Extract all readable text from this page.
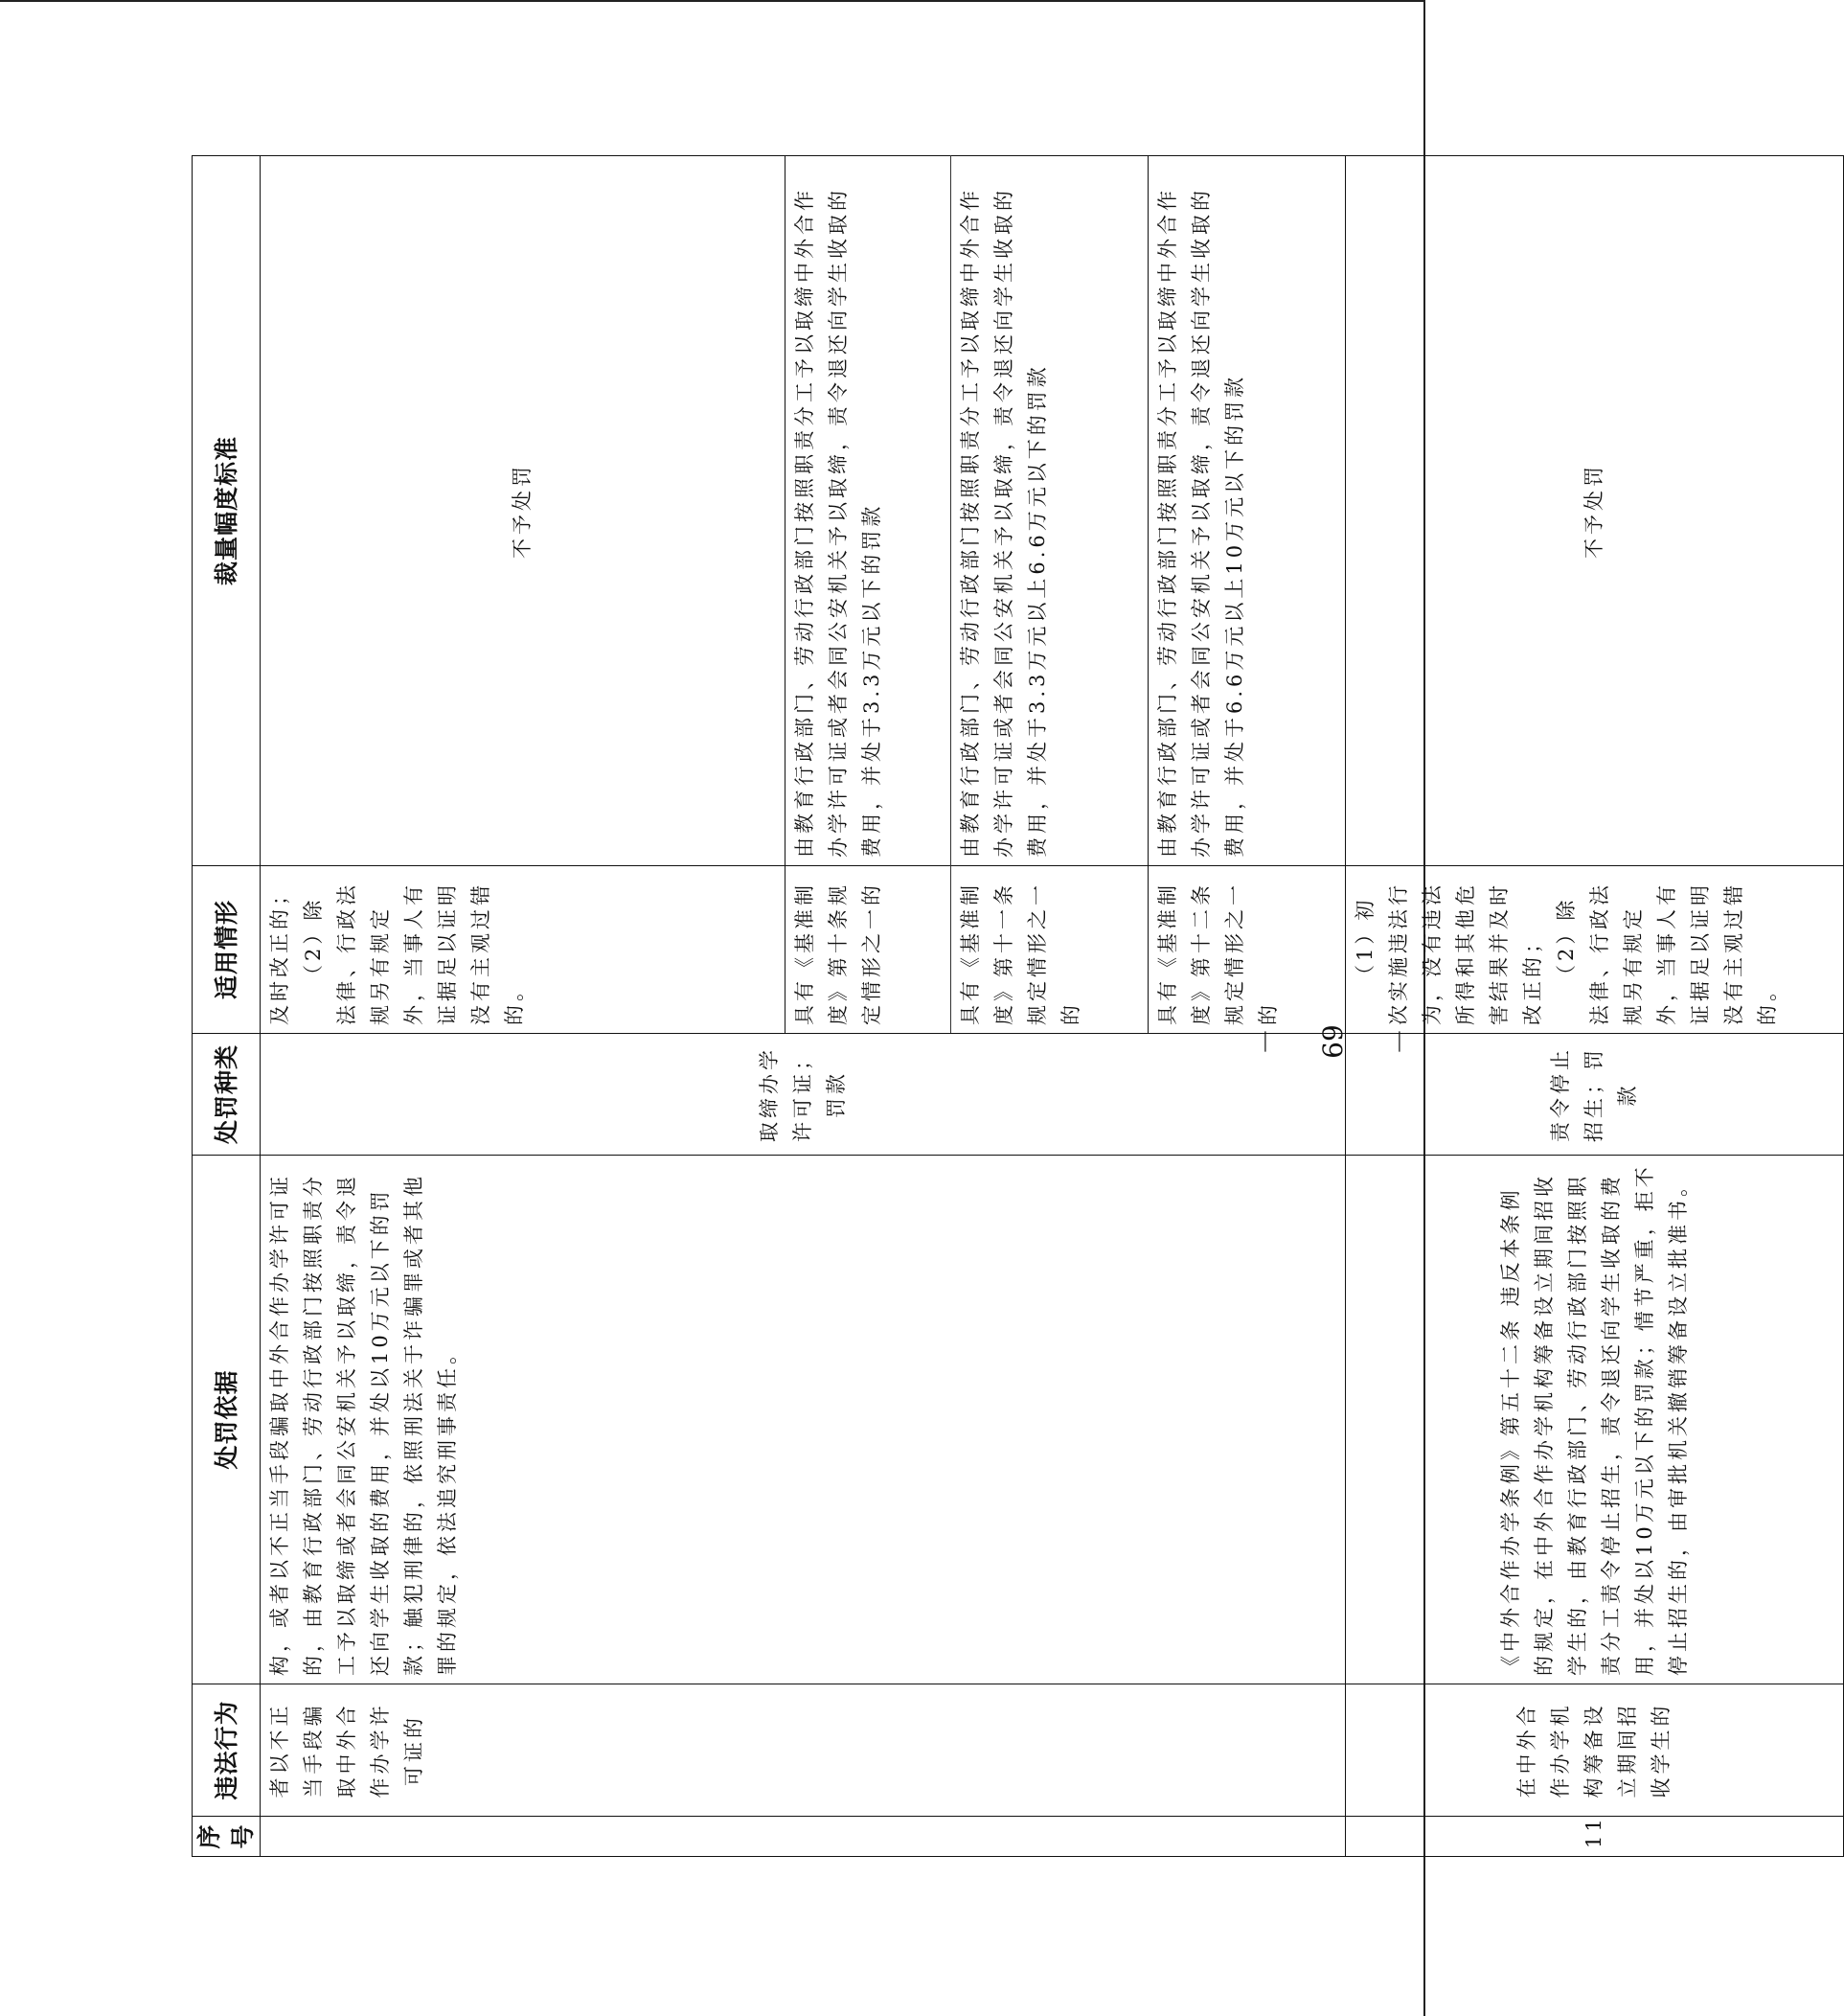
序号	违法行为	处罚依据	处罚种类	适用情形	裁量幅度标准
	者以不正当手段骗取中外合作办学许可证的	构，或者以不正当手段骗取中外合作办学许可证的，由教育行政部门、劳动行政部门按照职责分工予以取缔或者会同公安机关予以取缔，责令退还向学生收取的费用，并处以10万元以下的罚款；触犯刑律的，依照刑法关于诈骗罪或者其他罪的规定，依法追究刑事责任。	取缔办学许可证；罚款	及时改正的； （2）除法律、行政法规另有规定外，当事人有证据足以证明没有主观过错的。	不予处罚
				具有《基准制度》第十条规定情形之一的	由教育行政部门、劳动行政部门按照职责分工予以取缔中外合作办学许可证或者会同公安机关予以取缔，责令退还向学生收取的费用，并处于3.3万元以下的罚款
				具有《基准制度》第十一条规定情形之一的	由教育行政部门、劳动行政部门按照职责分工予以取缔中外合作办学许可证或者会同公安机关予以取缔，责令退还向学生收取的费用，并处于3.3万元以上6.6万元以下的罚款
				具有《基准制度》第十二条规定情形之一的	由教育行政部门、劳动行政部门按照职责分工予以取缔中外合作办学许可证或者会同公安机关予以取缔，责令退还向学生收取的费用，并处于6.6万元以上10万元以下的罚款
11	在中外合作办学机构筹备设立期间招收学生的	《中外合作办学条例》第五十二条 违反本条例的规定，在中外合作办学机构筹备设立期间招收学生的，由教育行政部门、劳动行政部门按照职责分工责令停止招生，责令退还向学生收取的费用，并处以10万元以下的罚款；情节严重，拒不停止招生的，由审批机关撤销筹备设立批准书。	责令停止招生；罚款	（1）初次实施违法行为，没有违法所得和其他危害结果并及时改正的； （2）除法律、行政法规另有规定外，当事人有证据足以证明没有主观过错的。	不予处罚
－ 69 －
